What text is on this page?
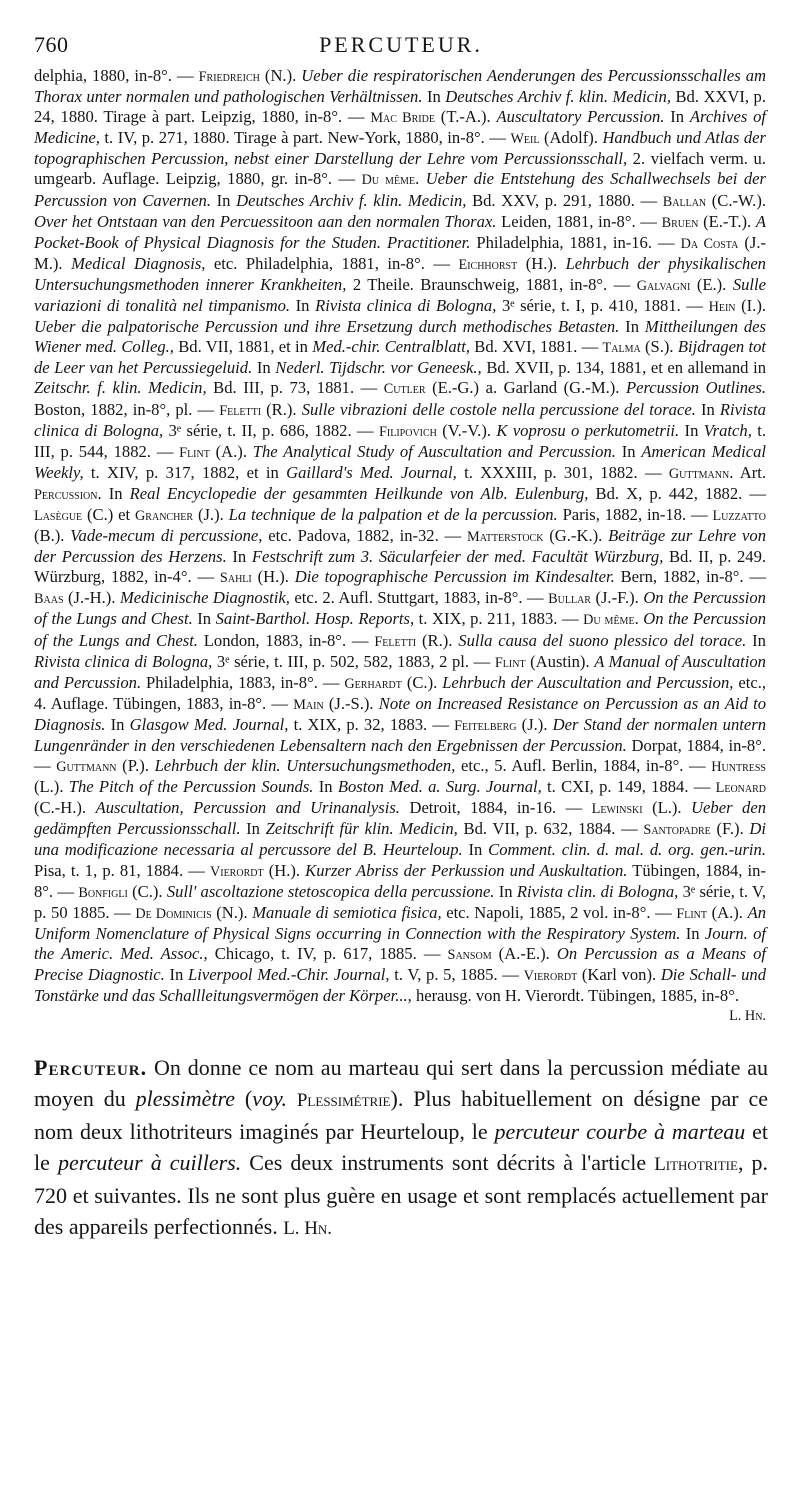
760	PERCUTEUR.
delphia, 1880, in-8°. — Friedreich (N.). Ueber die respiratorischen Aenderungen des Percussionsschalles am Thorax unter normalen und pathologischen Verhältnissen. In Deutsches Archiv f. klin. Medicin, Bd. XXVI, p. 24, 1880. Tirage à part. Leipzig, 1880, in-8°. — Mac Bride (T.-A.). Auscultatory Percussion. In Archives of Medicine, t. IV, p. 271, 1880. Tirage à part. New-York, 1880, in-8°. — Weil (Adolf). Handbuch und Atlas der topographischen Percussion, nebst einer Darstellung der Lehre vom Percussionsschall, 2. vielfach verm. u. umgearb. Auflage. Leipzig, 1880, gr. in-8°. — Du même. Ueber die Entstehung des Schallwechsels bei der Percussion von Cavernen. In Deutsches Archiv f. klin. Medicin, Bd. XXV, p. 291, 1880. — Ballan (C.-W.). Over het Ontstaan van den Percuessitoon aan den normalen Thorax. Leiden, 1881, in-8°. — Bruen (E.-T.). A Pocket-Book of Physical Diagnosis for the Studen. Practitioner. Philadelphia, 1881, in-16. — Da Costa (J.-M.). Medical Diagnosis, etc. Philadelphia, 1881, in-8°. — Eichhorst (H.). Lehrbuch der physikalischen Untersuchungsmethoden innerer Krankheiten, 2 Theile. Braunschweig, 1881, in-8°. — Galvagni (E.). Sulle variazioni di tonalità nel timpanismo. In Rivista clinica di Bologna, 3ᵉ série, t. I, p. 410, 1881. — Hein (I.). Ueber die palpatorische Percussion und ihre Ersetzung durch methodisches Betasten. In Mittheilungen des Wiener med. Colleg., Bd. VII, 1881, et in Med.-chir. Centralblatt, Bd. XVI, 1881. — Talma (S.). Bijdragen tot de Leer van het Percussiegeluid. In Nederl. Tijdschr. vor Geneesk., Bd. XVII, p. 134, 1881, et en allemand in Zeitschr. f. klin. Medicin, Bd. III, p. 73, 1881. — Cutler (E.-G.) a. Garland (G.-M.). Percussion Outlines. Boston, 1882, in-8°, pl. — Feletti (R.). Sulle vibrazioni delle costole nella percussione del torace. In Rivista clinica di Bologna, 3ᵉ série, t. II, p. 686, 1882. — Filipovich (V.-V.). K voprosu o perkutometrii. In Vratch, t. III, p. 544, 1882. — Flint (A.). The Analytical Study of Auscultation and Percussion. In American Medical Weekly, t. XIV, p. 317, 1882, et in Gaillard's Med. Journal, t. XXXIII, p. 301, 1882. — Guttmann. Art. Percussion. In Real Encyclopedie der gesammten Heilkunde von Alb. Eulenburg, Bd. X, p. 442, 1882. — Lasègue (C.) et Grancher (J.). La technique de la palpation et de la percussion. Paris, 1882, in-18. — Luzzatto (B.). Vade-mecum di percussione, etc. Padova, 1882, in-32. — Matterstock (G.-K.). Beiträge zur Lehre von der Percussion des Herzens. In Festschrift zum 3. Säcularfeier der med. Facultät Würzburg, Bd. II, p. 249. Würzburg, 1882, in-4°. — Sahli (H.). Die topographische Percussion im Kindesalter. Bern, 1882, in-8°. — Baas (J.-H.). Medicinische Diagnostik, etc. 2. Aufl. Stuttgart, 1883, in-8°. — Bullar (J.-F.). On the Percussion of the Lungs and Chest. In Saint-Barthol. Hosp. Reports, t. XIX, p. 211, 1883. — Du même. On the Percussion of the Lungs and Chest. London, 1883, in-8°. — Feletti (R.). Sulla causa del suono plessico del torace. In Rivista clinica di Bologna, 3ᵉ série, t. III, p. 502, 582, 1883, 2 pl. — Flint (Austin). A Manual of Auscultation and Percussion. Philadelphia, 1883, in-8°. — Gerhardt (C.). Lehrbuch der Auscultation and Percussion, etc., 4. Auflage. Tübingen, 1883, in-8°. — Main (J.-S.). Note on Increased Resistance on Percussion as an Aid to Diagnosis. In Glasgow Med. Journal, t. XIX, p. 32, 1883. — Feitelberg (J.). Der Stand der normalen untern Lungenränder in den verschiedenen Lebensaltern nach den Ergebnissen der Percussion. Dorpat, 1884, in-8°. — Guttmann (P.). Lehrbuch der klin. Untersuchungsmethoden, etc., 5. Aufl. Berlin, 1884, in-8°. — Huntress (L.). The Pitch of the Percussion Sounds. In Boston Med. a. Surg. Journal, t. CXI, p. 149, 1884. — Leonard (C.-H.). Auscultation, Percussion and Urinanalysis. Detroit, 1884, in-16. — Lewinski (L.). Ueber den gedämpften Percussionsschall. In Zeitschrift für klin. Medicin, Bd. VII, p. 632, 1884. — Santopadre (F.). Di una modificazione necessaria al percussore del B. Heurteloup. In Comment. clin. d. mal. d. org. gen.-urin. Pisa, t. 1, p. 81, 1884. — Vierordt (H.). Kurzer Abriss der Perkussion und Auskultation. Tübingen, 1884, in-8°. — Bonfigli (C.). Sull' ascoltazione stetoscopica della percussione. In Rivista clin. di Bologna, 3ᵉ série, t. V, p. 50 1885. — De Dominicis (N.). Manuale di semiotica fisica, etc. Napoli, 1885, 2 vol. in-8°. — Flint (A.). An Uniform Nomenclature of Physical Signs occurring in Connection with the Respiratory System. In Journ. of the Americ. Med. Assoc., Chicago, t. IV, p. 617, 1885. — Sansom (A.-E.). On Percussion as a Means of Precise Diagnostic. In Liverpool Med.-Chir. Journal, t. V, p. 5, 1885. — Vierordt (Karl von). Die Schall- und Tonstärke und das Schallleitungsvermögen der Körper..., herausg. von H. Vierordt. Tübingen, 1885, in-8°.
L. Hn.

Percuteur. On donne ce nom au marteau qui sert dans la percussion médiate au moyen du plessimètre (voy. Plessimétrie). Plus habituellement on désigne par ce nom deux lithotriteurs imaginés par Heurteloup, le percuteur courbe à marteau et le percuteur à cuillers. Ces deux instruments sont décrits à l'article Lithotritie, p. 720 et suivantes. Ils ne sont plus guère en usage et sont remplacés actuellement par des appareils perfectionnés. L. Hn.
